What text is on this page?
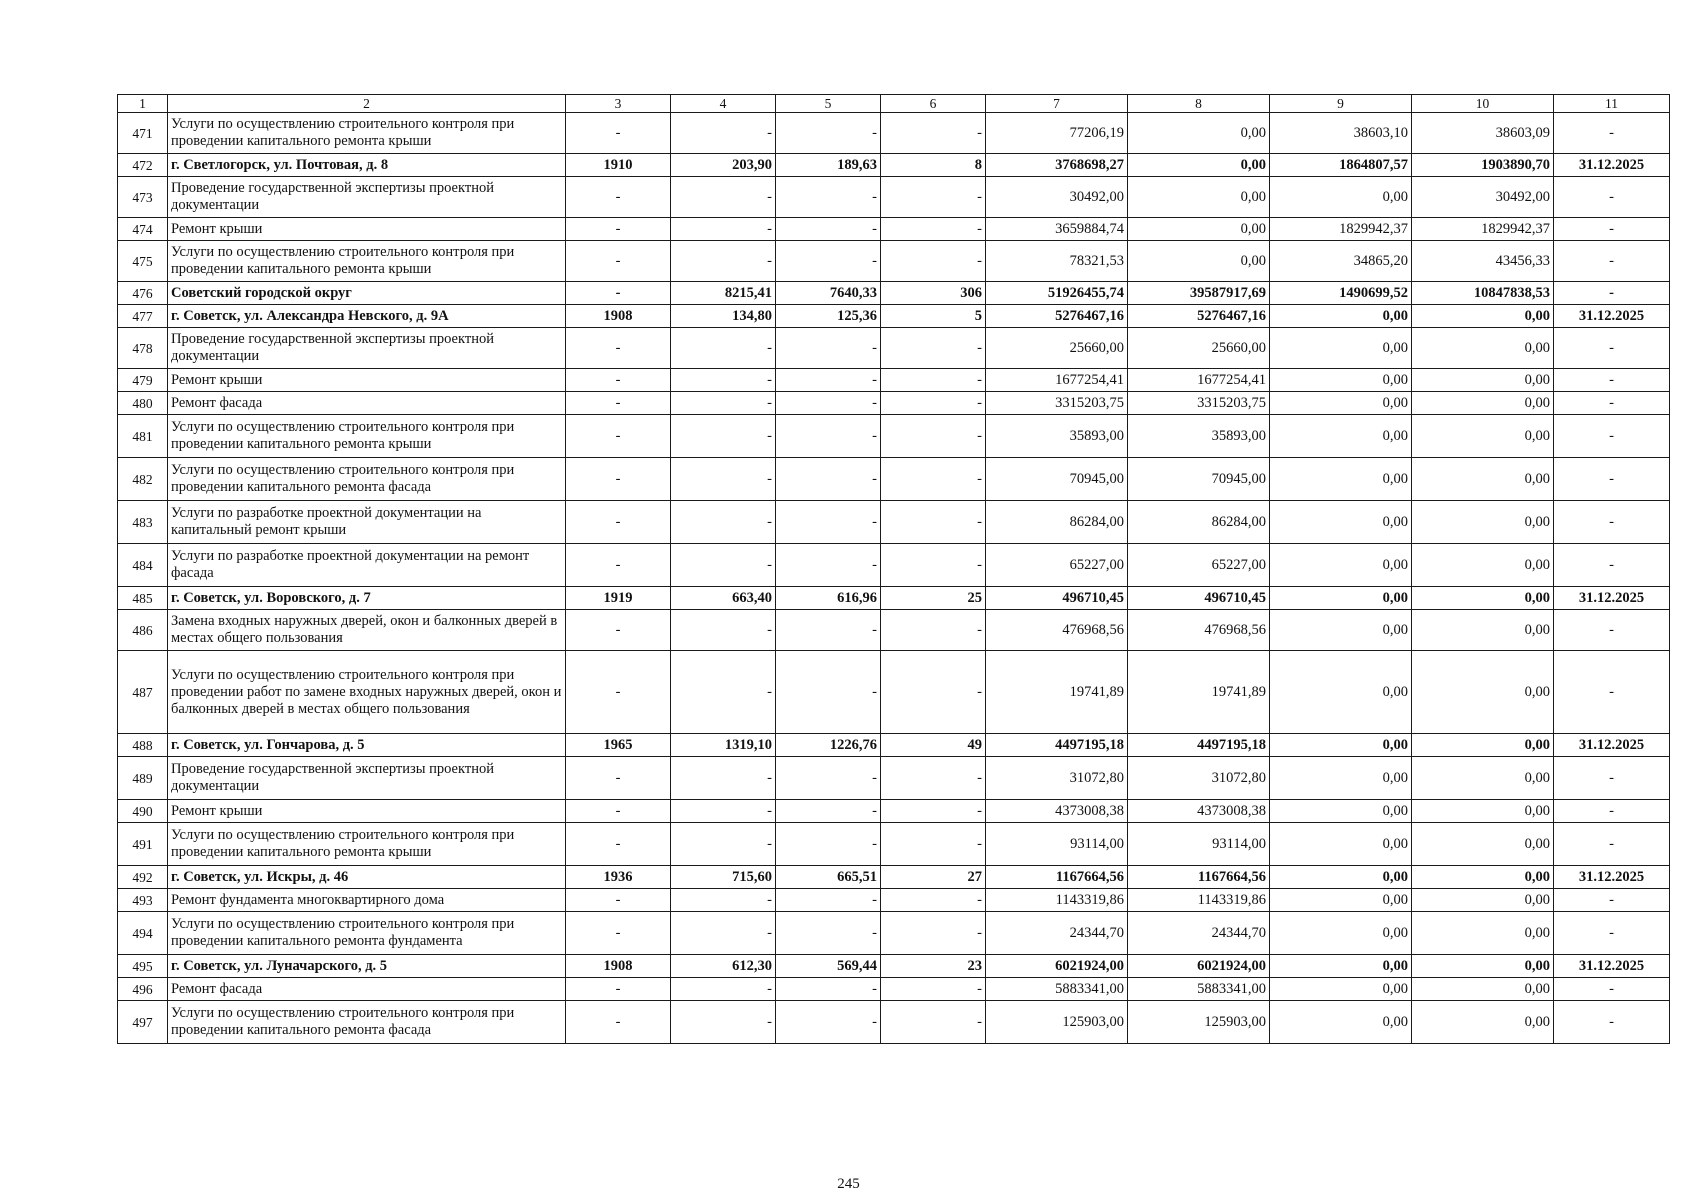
1	2	3	4	5	6	7	8	9	10	11
471	Услуги по осуществлению строительного контроля при проведении капитального ремонта крыши	-	-	-	-	77206,19	0,00	38603,10	38603,09	-
472	г. Светлогорск, ул. Почтовая, д. 8	1910	203,90	189,63	8	3768698,27	0,00	1864807,57	1903890,70	31.12.2025
473	Проведение государственной экспертизы проектной документации	-	-	-	-	30492,00	0,00	0,00	30492,00	-
474	Ремонт крыши	-	-	-	-	3659884,74	0,00	1829942,37	1829942,37	-
475	Услуги по осуществлению строительного контроля при проведении капитального ремонта крыши	-	-	-	-	78321,53	0,00	34865,20	43456,33	-
476	Советский городской округ	-	8215,41	7640,33	306	51926455,74	39587917,69	1490699,52	10847838,53	-
477	г. Советск, ул. Александра Невского, д. 9А	1908	134,80	125,36	5	5276467,16	5276467,16	0,00	0,00	31.12.2025
478	Проведение государственной экспертизы проектной документации	-	-	-	-	25660,00	25660,00	0,00	0,00	-
479	Ремонт крыши	-	-	-	-	1677254,41	1677254,41	0,00	0,00	-
480	Ремонт фасада	-	-	-	-	3315203,75	3315203,75	0,00	0,00	-
481	Услуги по осуществлению строительного контроля при проведении капитального ремонта крыши	-	-	-	-	35893,00	35893,00	0,00	0,00	-
482	Услуги по осуществлению строительного контроля при проведении капитального ремонта фасада	-	-	-	-	70945,00	70945,00	0,00	0,00	-
483	Услуги по разработке проектной документации на капитальный ремонт крыши	-	-	-	-	86284,00	86284,00	0,00	0,00	-
484	Услуги по разработке проектной документации на ремонт фасада	-	-	-	-	65227,00	65227,00	0,00	0,00	-
485	г. Советск, ул. Воровского, д. 7	1919	663,40	616,96	25	496710,45	496710,45	0,00	0,00	31.12.2025
486	Замена входных наружных дверей, окон и балконных дверей в местах общего пользования	-	-	-	-	476968,56	476968,56	0,00	0,00	-
487	Услуги по осуществлению строительного контроля при проведении работ по замене входных наружных дверей, окон и балконных дверей в местах общего пользования	-	-	-	-	19741,89	19741,89	0,00	0,00	-
488	г. Советск, ул. Гончарова, д. 5	1965	1319,10	1226,76	49	4497195,18	4497195,18	0,00	0,00	31.12.2025
489	Проведение государственной экспертизы проектной документации	-	-	-	-	31072,80	31072,80	0,00	0,00	-
490	Ремонт крыши	-	-	-	-	4373008,38	4373008,38	0,00	0,00	-
491	Услуги по осуществлению строительного контроля при проведении капитального ремонта крыши	-	-	-	-	93114,00	93114,00	0,00	0,00	-
492	г. Советск, ул. Искры, д. 46	1936	715,60	665,51	27	1167664,56	1167664,56	0,00	0,00	31.12.2025
493	Ремонт фундамента многоквартирного дома	-	-	-	-	1143319,86	1143319,86	0,00	0,00	-
494	Услуги по осуществлению строительного контроля при проведении капитального ремонта фундамента	-	-	-	-	24344,70	24344,70	0,00	0,00	-
495	г. Советск, ул. Луначарского, д. 5	1908	612,30	569,44	23	6021924,00	6021924,00	0,00	0,00	31.12.2025
496	Ремонт фасада	-	-	-	-	5883341,00	5883341,00	0,00	0,00	-
497	Услуги по осуществлению строительного контроля при проведении капитального ремонта фасада	-	-	-	-	125903,00	125903,00	0,00	0,00	-
245
